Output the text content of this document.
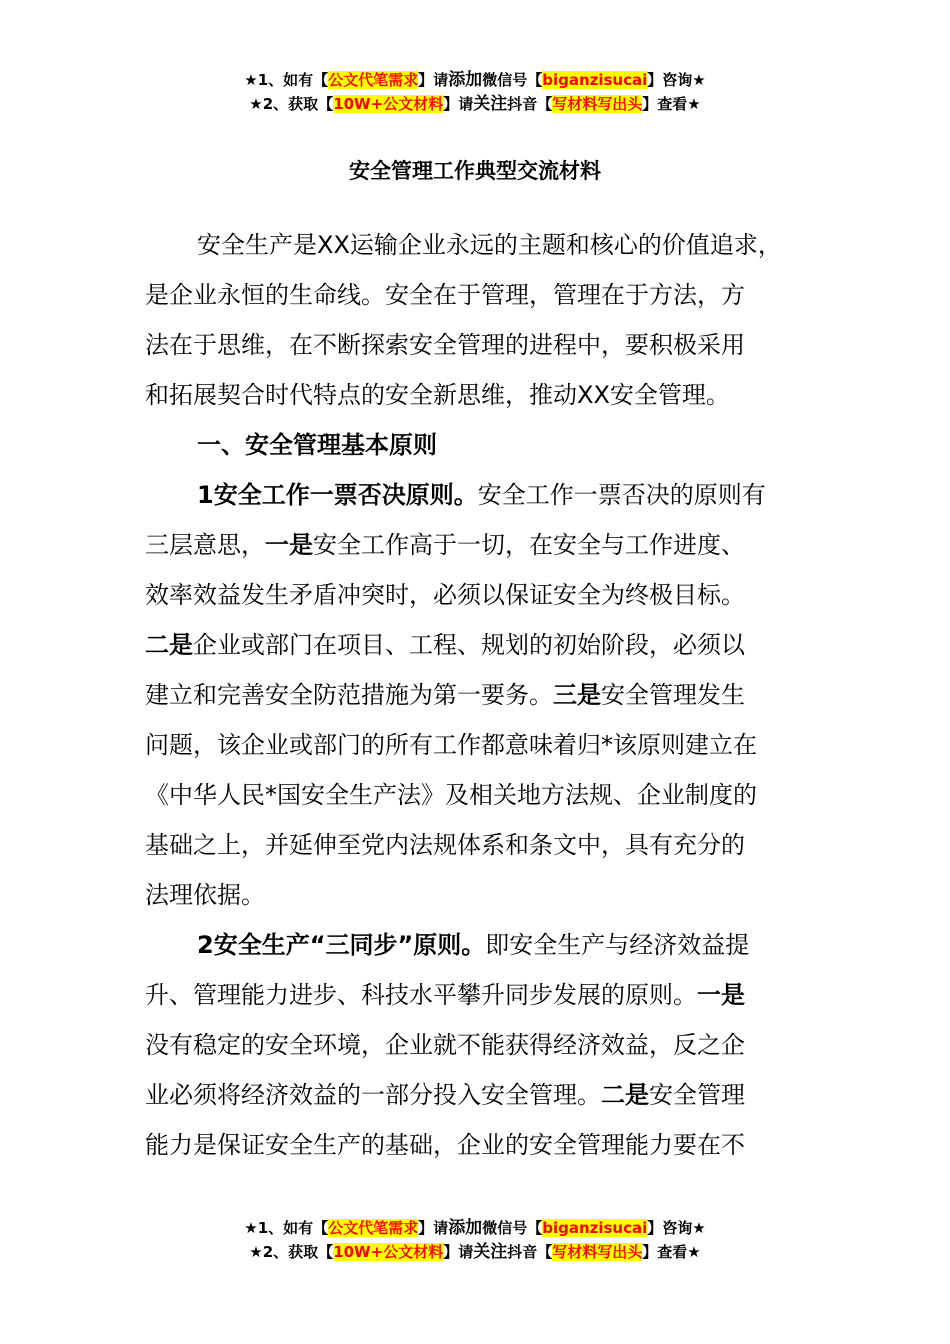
★1、如有【公文代笔需求】请添加微信号【biganzisucai】咨询★
★2、获取【10W+公文材料】请关注抖音【写材料写出头】查看★
安全管理工作典型交流材料
安全生产是XX运输企业永远的主题和核心的价值追求，
是企业永恒的生命线。安全在于管理，管理在于方法，方
法在于思维，在不断探索安全管理的进程中，要积极采用
和拓展契合时代特点的安全新思维，推动XX安全管理。
一、安全管理基本原则
1安全工作一票否决原则。安全工作一票否决的原则有
三层意思，一是安全工作高于一切，在安全与工作进度、
效率效益发生矛盾冲突时，必须以保证安全为终极目标。
二是企业或部门在项目、工程、规划的初始阶段，必须以
建立和完善安全防范措施为第一要务。三是安全管理发生
问题，该企业或部门的所有工作都意味着归*该原则建立在
《中华人民*国安全生产法》及相关地方法规、企业制度的
基础之上，并延伸至党内法规体系和条文中，具有充分的
法理依据。
2安全生产“三同步”原则。即安全生产与经济效益提
升、管理能力进步、科技水平攀升同步发展的原则。一是
没有稳定的安全环境，企业就不能获得经济效益，反之企
业必须将经济效益的一部分投入安全管理。二是安全管理
能力是保证安全生产的基础，企业的安全管理能力要在不
★1、如有【公文代笔需求】请添加微信号【biganzisucai】咨询★
★2、获取【10W+公文材料】请关注抖音【写材料写出头】查看★
